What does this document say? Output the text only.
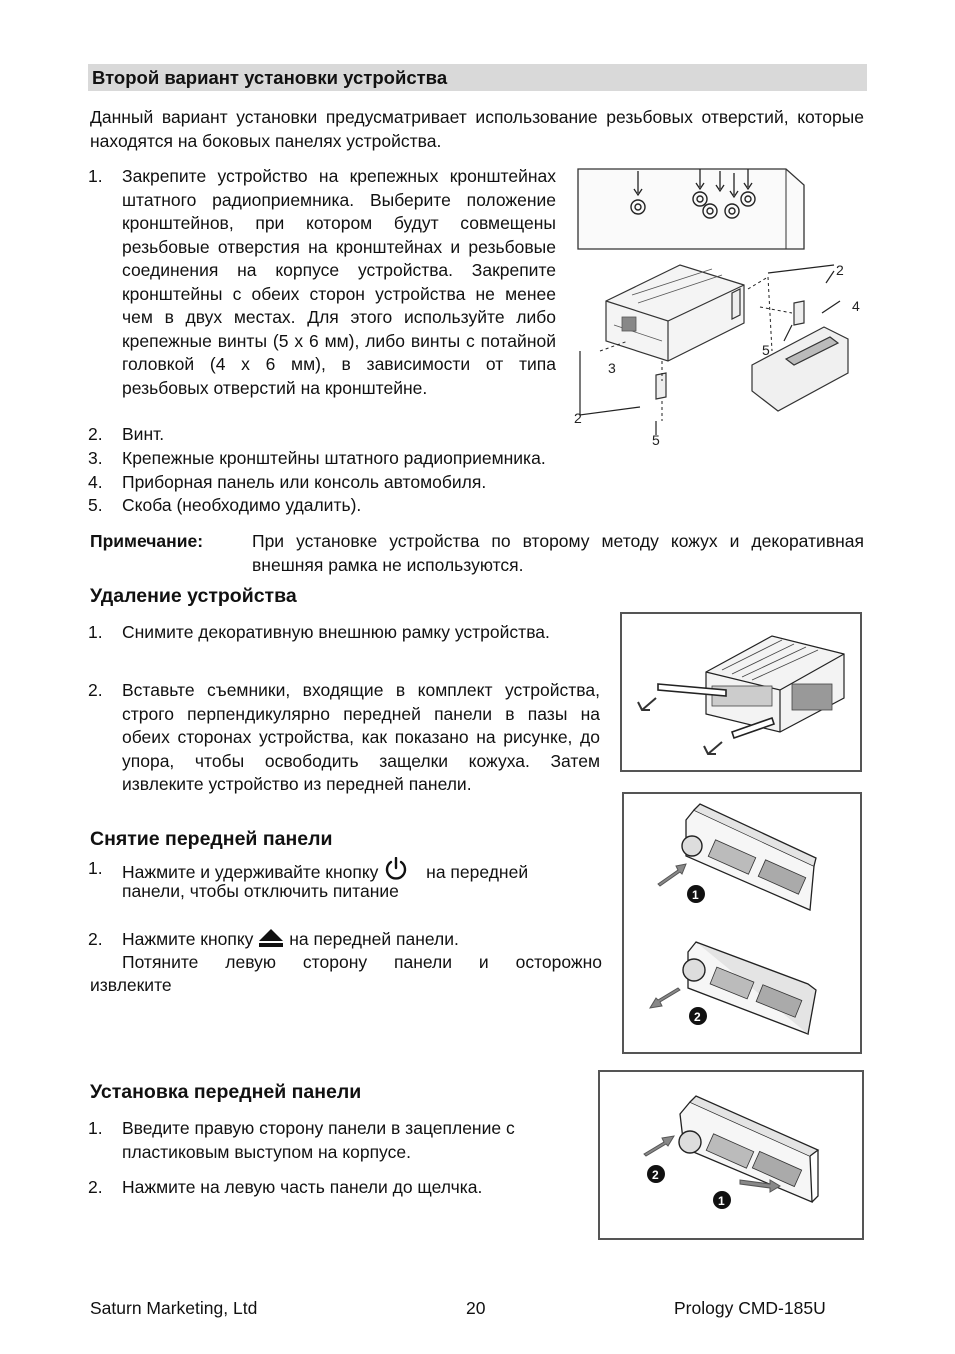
Второй вариант установки устройства
Данный вариант установки предусматривает использование резьбовых отверстий, которые находятся на боковых панелях устройства.
1. Закрепите устройство на крепежных кронштейнах штатного радиоприемника. Выберите положение кронштейнов, при котором будут совмещены резьбовые отверстия на кронштейнах и резьбовые соединения на корпусе устройства. Закрепите кронштейны с обеих сторон устройства не менее чем в двух местах. Для этого используйте либо крепежные винты (5 x 6 мм), либо винты с потайной головкой (4 x 6 мм), в зависимости от типа резьбовых отверстий на кронштейне.
2. Винт.
3. Крепежные кронштейны штатного радиоприемника.
4. Приборная панель или консоль автомобиля.
5. Скоба (необходимо удалить).
2
2
3
4
5
5
Примечание:	При установке устройства по второму методу кожух и декоративная внешняя рамка не используются.
Удаление устройства
1. Снимите декоративную внешнюю рамку устройства.
2. Вставьте съемники, входящие в комплект устройства, строго перпендикулярно передней панели в пазы на обеих сторонах устройства, как показано на рисунке, до упора, чтобы освободить защелки кожуха. Затем извлеките устройство из передней панели.
Снятие передней панели
1. Нажмите и удерживайте кнопку	на передней
панели, чтобы отключить питание
2. Нажмите кнопку на передней панели.
Потяните левую сторону панели и осторожно
извлеките
1
2
Установка передней панели
1. Введите правую сторону панели в зацепление с пластиковым выступом на корпусе.
2. Нажмите на левую часть панели до щелчка.
2
1
Saturn Marketing, Ltd	20	Prology CMD-185U
